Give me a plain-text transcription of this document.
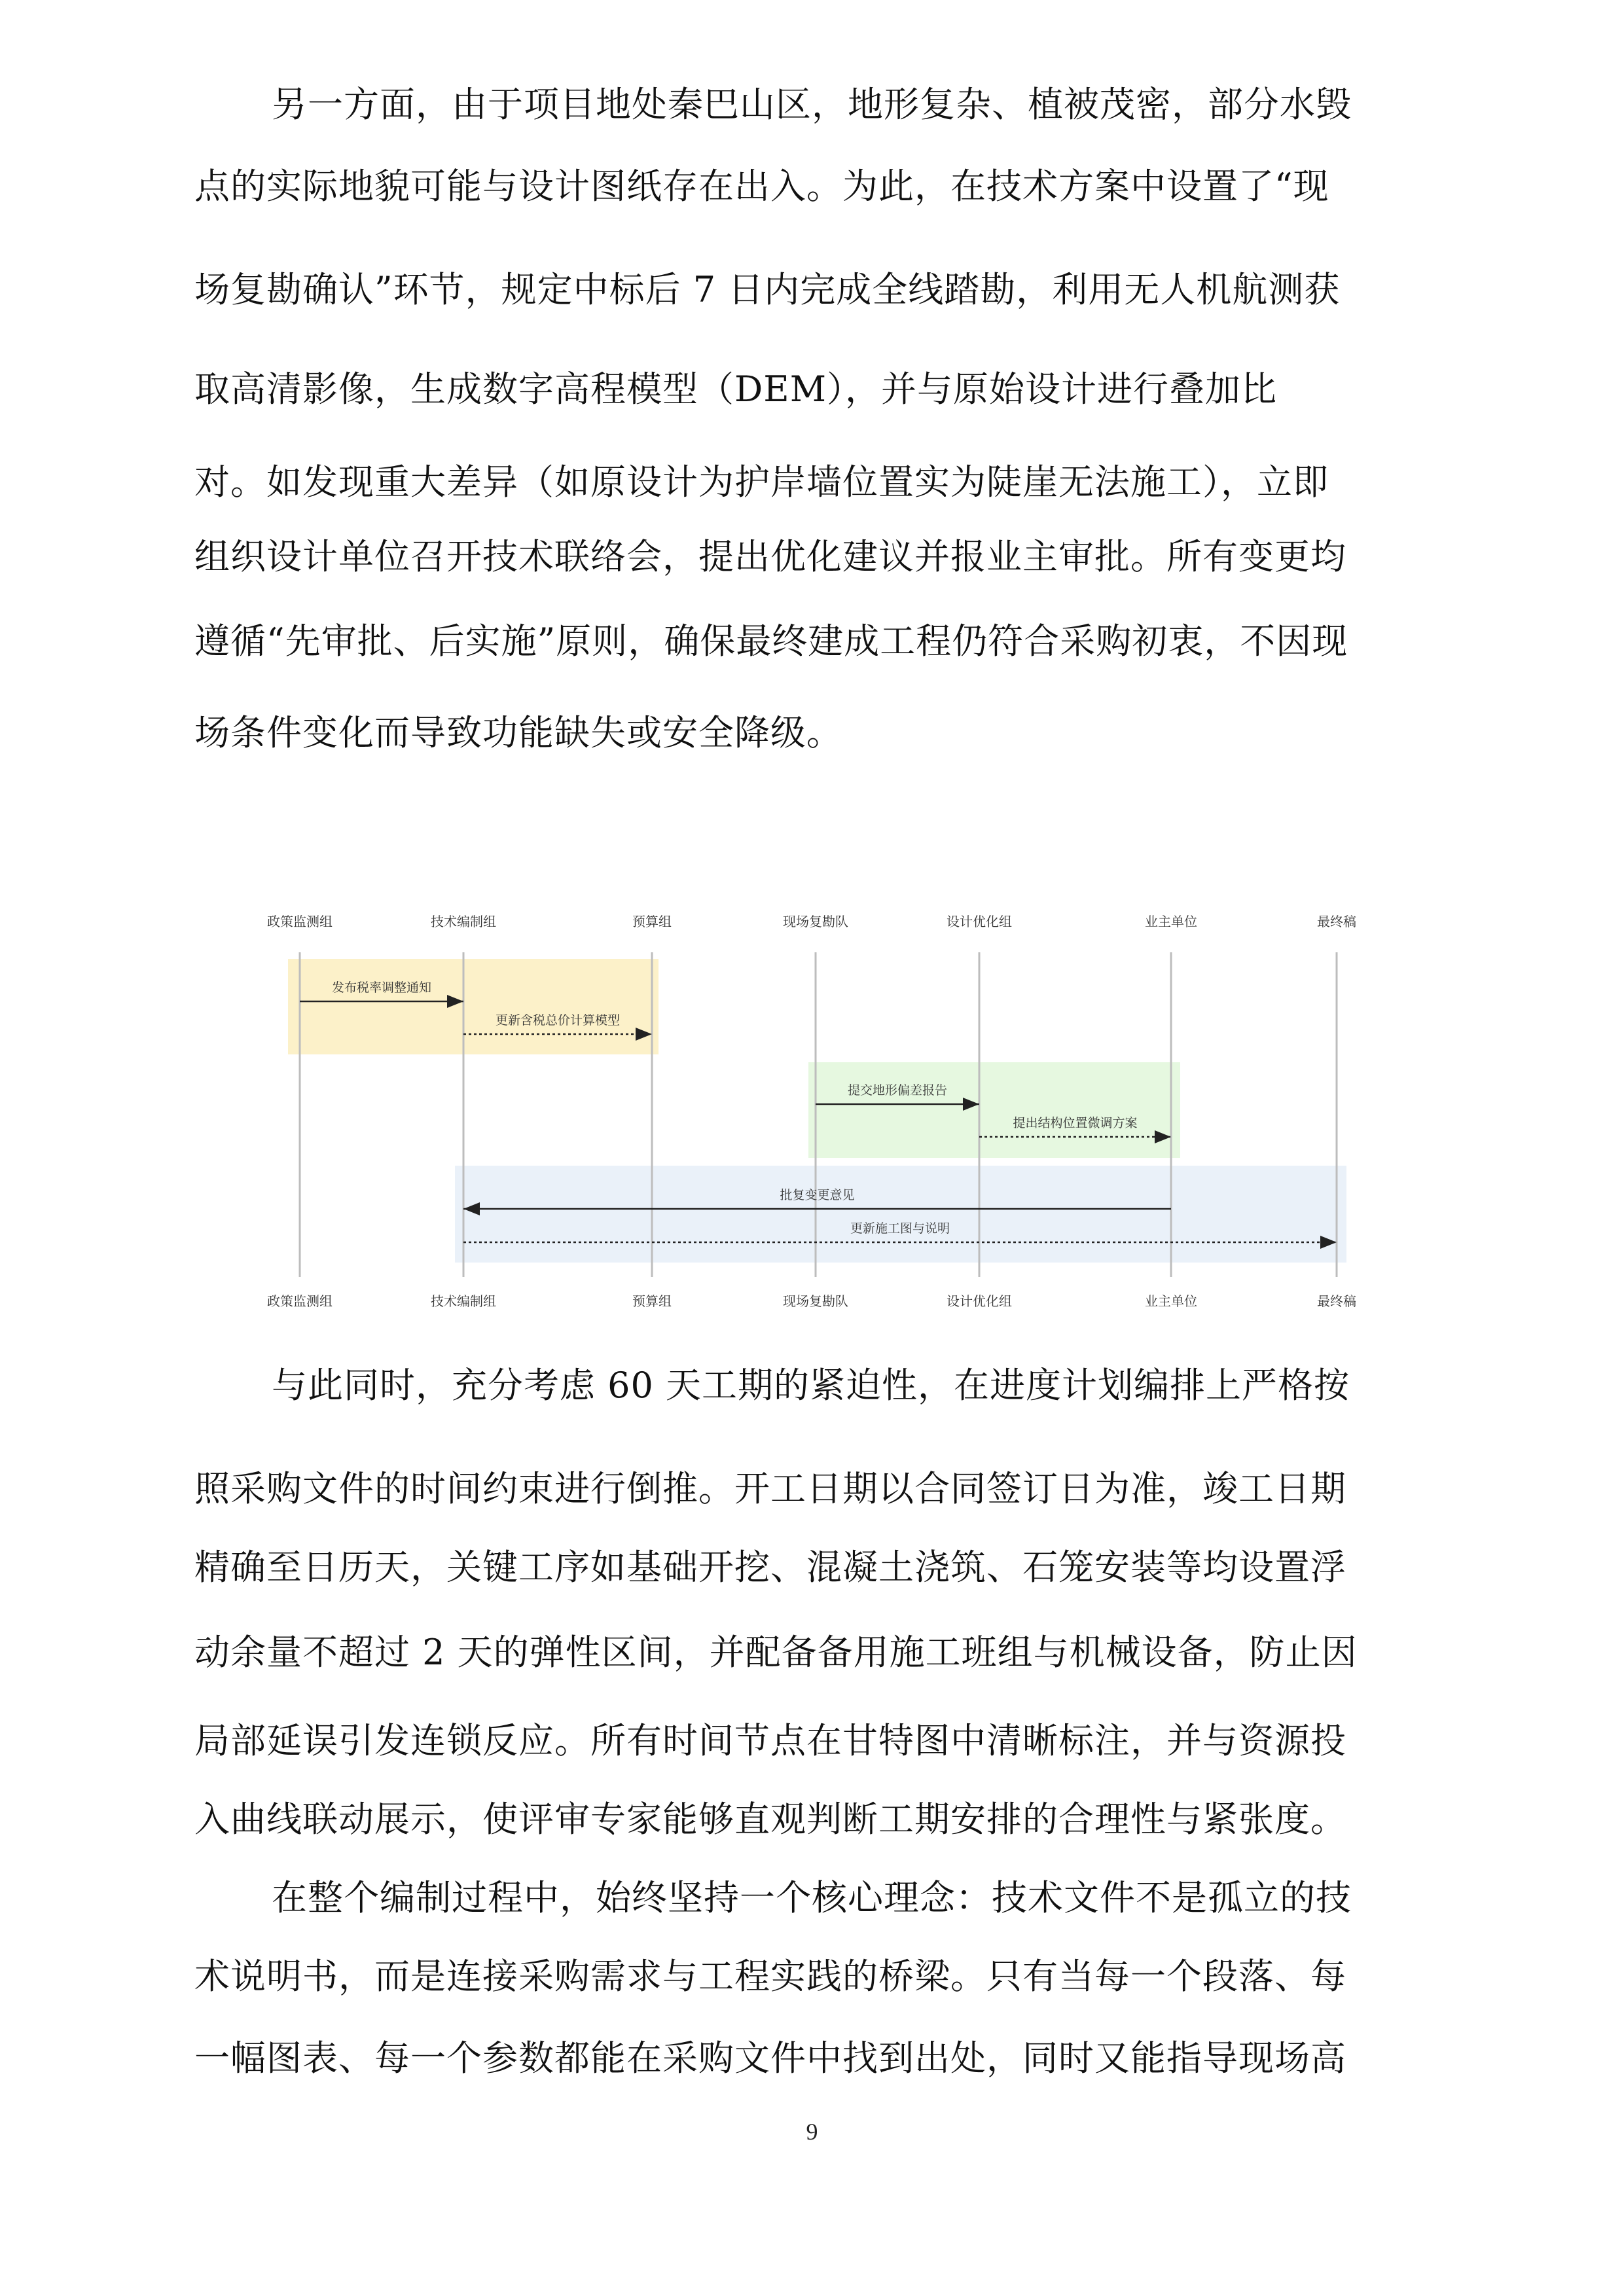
另一方面，由于项目地处秦巴山区，地形复杂、植被茂密，部分水毁
点的实际地貌可能与设计图纸存在出入。为此，在技术方案中设置了“现
场复勘确认”环节，规定中标后 7 日内完成全线踏勘，利用无人机航测获
取高清影像，生成数字高程模型（DEM），并与原始设计进行叠加比
对。如发现重大差异（如原设计为护岸墙位置实为陡崖无法施工），立即
组织设计单位召开技术联络会，提出优化建议并报业主审批。所有变更均
遵循“先审批、后实施”原则，确保最终建成工程仍符合采购初衷，不因现
场条件变化而导致功能缺失或安全降级。
政策监测组
政策监测组
技术编制组
技术编制组
预算组
预算组
现场复勘队
现场复勘队
设计优化组
设计优化组
业主单位
业主单位
最终稿
最终稿
发布税率调整通知
更新含税总价计算模型
提交地形偏差报告
提出结构位置微调方案
批复变更意见
更新施工图与说明
与此同时，充分考虑 60 天工期的紧迫性，在进度计划编排上严格按
照采购文件的时间约束进行倒推。开工日期以合同签订日为准，竣工日期
精确至日历天，关键工序如基础开挖、混凝土浇筑、石笼安装等均设置浮
动余量不超过 2 天的弹性区间，并配备备用施工班组与机械设备，防止因
局部延误引发连锁反应。所有时间节点在甘特图中清晰标注，并与资源投
入曲线联动展示，使评审专家能够直观判断工期安排的合理性与紧张度。
在整个编制过程中，始终坚持一个核心理念：技术文件不是孤立的技
术说明书，而是连接采购需求与工程实践的桥梁。只有当每一个段落、每
一幅图表、每一个参数都能在采购文件中找到出处，同时又能指导现场高
9
